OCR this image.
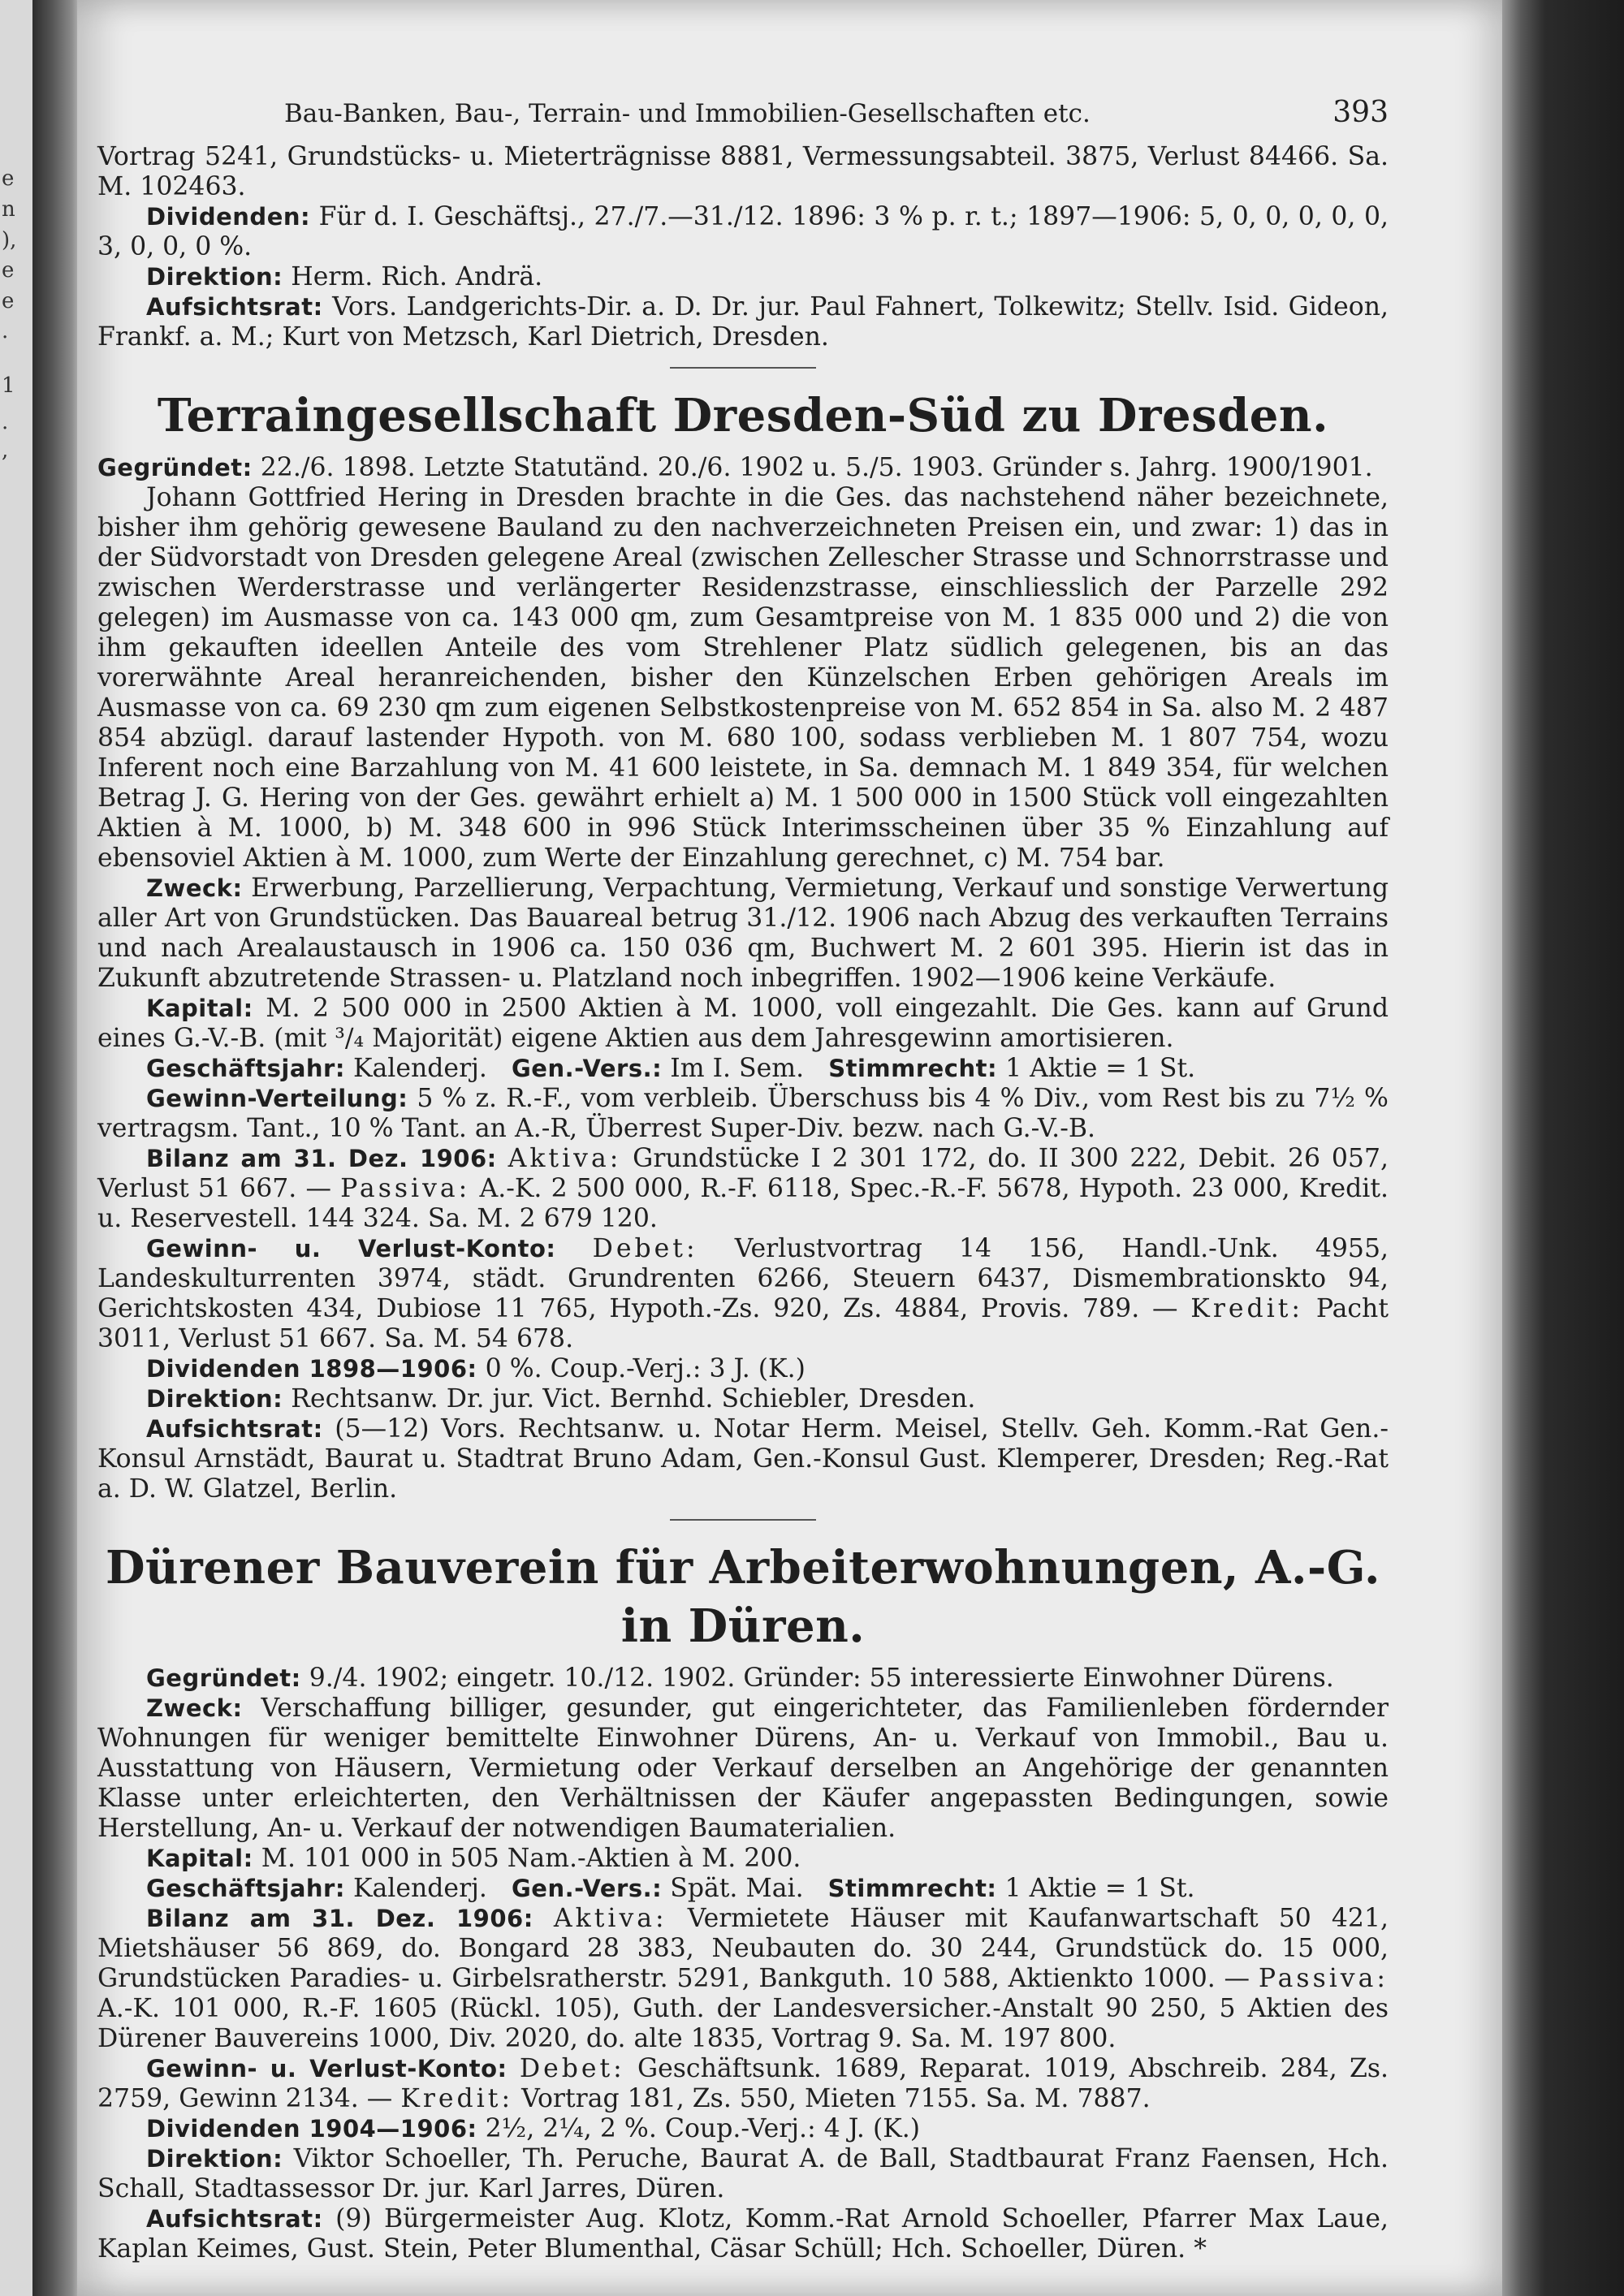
e
n
),
e
e
.
1
.
,
Bau-Banken, Bau-, Terrain- und Immobilien-Gesellschaften etc.	393

Vortrag 5241, Grundstücks- u. Mieterträgnisse 8881, Vermessungsabteil. 3875, Verlust 84466. Sa. M. 102463.

Dividenden: Für d. I. Geschäftsj., 27./7.—31./12. 1896: 3 % p. r. t.; 1897—1906: 5, 0, 0, 0, 0, 0, 3, 0, 0, 0 %.

Direktion: Herm. Rich. Andrä.

Aufsichtsrat: Vors. Landgerichts-Dir. a. D. Dr. jur. Paul Fahnert, Tolkewitz; Stellv. Isid. Gideon, Frankf. a. M.; Kurt von Metzsch, Karl Dietrich, Dresden.

Terraingesellschaft Dresden-Süd zu Dresden.

Gegründet: 22./6. 1898. Letzte Statutänd. 20./6. 1902 u. 5./5. 1903. Gründer s. Jahrg. 1900/1901.

Johann Gottfried Hering in Dresden brachte in die Ges. das nachstehend näher bezeichnete, bisher ihm gehörig gewesene Bauland zu den nachverzeichneten Preisen ein, und zwar: 1) das in der Südvorstadt von Dresden gelegene Areal (zwischen Zellescher Strasse und Schnorrstrasse und zwischen Werderstrasse und verlängerter Residenzstrasse, einschliesslich der Parzelle 292 gelegen) im Ausmasse von ca. 143 000 qm, zum Gesamtpreise von M. 1 835 000 und 2) die von ihm gekauften ideellen Anteile des vom Strehlener Platz südlich gelegenen, bis an das vorerwähnte Areal heranreichenden, bisher den Künzelschen Erben gehörigen Areals im Ausmasse von ca. 69 230 qm zum eigenen Selbstkostenpreise von M. 652 854 in Sa. also M. 2 487 854 abzügl. darauf lastender Hypoth. von M. 680 100, sodass verblieben M. 1 807 754, wozu Inferent noch eine Barzahlung von M. 41 600 leistete, in Sa. demnach M. 1 849 354, für welchen Betrag J. G. Hering von der Ges. gewährt erhielt a) M. 1 500 000 in 1500 Stück voll eingezahlten Aktien à M. 1000, b) M. 348 600 in 996 Stück Interimsscheinen über 35 % Einzahlung auf ebensoviel Aktien à M. 1000, zum Werte der Einzahlung gerechnet, c) M. 754 bar.

Zweck: Erwerbung, Parzellierung, Verpachtung, Vermietung, Verkauf und sonstige Verwertung aller Art von Grundstücken. Das Bauareal betrug 31./12. 1906 nach Abzug des verkauften Terrains und nach Arealaustausch in 1906 ca. 150 036 qm, Buchwert M. 2 601 395. Hierin ist das in Zukunft abzutretende Strassen- u. Platzland noch inbegriffen. 1902—1906 keine Verkäufe.

Kapital: M. 2 500 000 in 2500 Aktien à M. 1000, voll eingezahlt. Die Ges. kann auf Grund eines G.-V.-B. (mit ³/₄ Majorität) eigene Aktien aus dem Jahresgewinn amortisieren.

Geschäftsjahr: Kalenderj. Gen.-Vers.: Im I. Sem. Stimmrecht: 1 Aktie = 1 St.

Gewinn-Verteilung: 5 % z. R.-F., vom verbleib. Überschuss bis 4 % Div., vom Rest bis zu 7½ % vertragsm. Tant., 10 % Tant. an A.-R, Überrest Super-Div. bezw. nach G.-V.-B.

Bilanz am 31. Dez. 1906: Aktiva: Grundstücke I 2 301 172, do. II 300 222, Debit. 26 057, Verlust 51 667. — Passiva: A.-K. 2 500 000, R.-F. 6118, Spec.-R.-F. 5678, Hypoth. 23 000, Kredit. u. Reservestell. 144 324. Sa. M. 2 679 120.

Gewinn- u. Verlust-Konto: Debet: Verlustvortrag 14 156, Handl.-Unk. 4955, Landeskulturrenten 3974, städt. Grundrenten 6266, Steuern 6437, Dismembrationskto 94, Gerichtskosten 434, Dubiose 11 765, Hypoth.-Zs. 920, Zs. 4884, Provis. 789. — Kredit: Pacht 3011, Verlust 51 667. Sa. M. 54 678.

Dividenden 1898—1906: 0 %. Coup.-Verj.: 3 J. (K.)

Direktion: Rechtsanw. Dr. jur. Vict. Bernhd. Schiebler, Dresden.

Aufsichtsrat: (5—12) Vors. Rechtsanw. u. Notar Herm. Meisel, Stellv. Geh. Komm.-Rat Gen.-Konsul Arnstädt, Baurat u. Stadtrat Bruno Adam, Gen.-Konsul Gust. Klemperer, Dresden; Reg.-Rat a. D. W. Glatzel, Berlin.

Dürener Bauverein für Arbeiterwohnungen, A.-G. in Düren.

Gegründet: 9./4. 1902; eingetr. 10./12. 1902. Gründer: 55 interessierte Einwohner Dürens.

Zweck: Verschaffung billiger, gesunder, gut eingerichteter, das Familienleben fördernder Wohnungen für weniger bemittelte Einwohner Dürens, An- u. Verkauf von Immobil., Bau u. Ausstattung von Häusern, Vermietung oder Verkauf derselben an Angehörige der genannten Klasse unter erleichterten, den Verhältnissen der Käufer angepassten Bedingungen, sowie Herstellung, An- u. Verkauf der notwendigen Baumaterialien.

Kapital: M. 101 000 in 505 Nam.-Aktien à M. 200.

Geschäftsjahr: Kalenderj. Gen.-Vers.: Spät. Mai. Stimmrecht: 1 Aktie = 1 St.

Bilanz am 31. Dez. 1906: Aktiva: Vermietete Häuser mit Kaufanwartschaft 50 421, Mietshäuser 56 869, do. Bongard 28 383, Neubauten do. 30 244, Grundstück do. 15 000, Grundstücken Paradies- u. Girbelsratherstr. 5291, Bankguth. 10 588, Aktienkto 1000. — Passiva: A.-K. 101 000, R.-F. 1605 (Rückl. 105), Guth. der Landesversicher.-Anstalt 90 250, 5 Aktien des Dürener Bauvereins 1000, Div. 2020, do. alte 1835, Vortrag 9. Sa. M. 197 800.

Gewinn- u. Verlust-Konto: Debet: Geschäftsunk. 1689, Reparat. 1019, Abschreib. 284, Zs. 2759, Gewinn 2134. — Kredit: Vortrag 181, Zs. 550, Mieten 7155. Sa. M. 7887.

Dividenden 1904—1906: 2½, 2¼, 2 %. Coup.-Verj.: 4 J. (K.)

Direktion: Viktor Schoeller, Th. Peruche, Baurat A. de Ball, Stadtbaurat Franz Faensen, Hch. Schall, Stadtassessor Dr. jur. Karl Jarres, Düren.

Aufsichtsrat: (9) Bürgermeister Aug. Klotz, Komm.-Rat Arnold Schoeller, Pfarrer Max Laue, Kaplan Keimes, Gust. Stein, Peter Blumenthal, Cäsar Schüll; Hch. Schoeller, Düren. *
